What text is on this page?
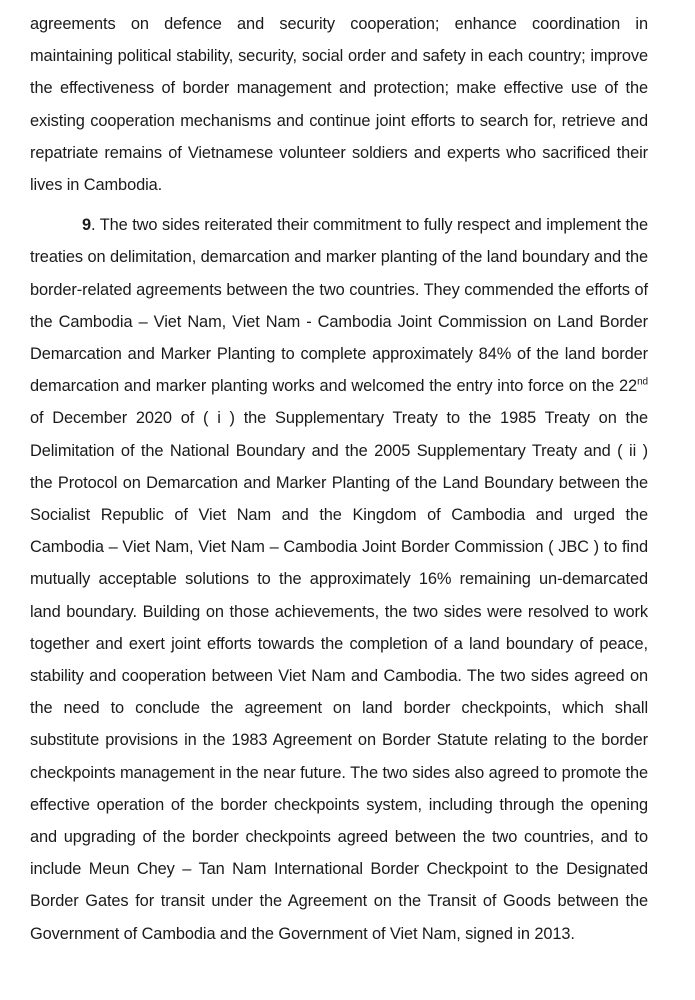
agreements on defence and security cooperation; enhance coordination in maintaining political stability, security, social order and safety in each country; improve the effectiveness of border management and protection; make effective use of the existing cooperation mechanisms and continue joint efforts to search for, retrieve and repatriate remains of Vietnamese volunteer soldiers and experts who sacrificed their lives in Cambodia.

9. The two sides reiterated their commitment to fully respect and implement the treaties on delimitation, demarcation and marker planting of the land boundary and the border-related agreements between the two countries. They commended the efforts of the Cambodia – Viet Nam, Viet Nam - Cambodia Joint Commission on Land Border Demarcation and Marker Planting to complete approximately 84% of the land border demarcation and marker planting works and welcomed the entry into force on the 22nd of December 2020 of ( i ) the Supplementary Treaty to the 1985 Treaty on the Delimitation of the National Boundary and the 2005 Supplementary Treaty and ( ii ) the Protocol on Demarcation and Marker Planting of the Land Boundary between the Socialist Republic of Viet Nam and the Kingdom of Cambodia and urged the Cambodia – Viet Nam, Viet Nam – Cambodia Joint Border Commission ( JBC ) to find mutually acceptable solutions to the approximately 16% remaining un-demarcated land boundary. Building on those achievements, the two sides were resolved to work together and exert joint efforts towards the completion of a land boundary of peace, stability and cooperation between Viet Nam and Cambodia. The two sides agreed on the need to conclude the agreement on land border checkpoints, which shall substitute provisions in the 1983 Agreement on Border Statute relating to the border checkpoints management in the near future. The two sides also agreed to promote the effective operation of the border checkpoints system, including through the opening and upgrading of the border checkpoints agreed between the two countries, and to include Meun Chey – Tan Nam International Border Checkpoint to the Designated Border Gates for transit under the Agreement on the Transit of Goods between the Government of Cambodia and the Government of Viet Nam, signed in 2013.
